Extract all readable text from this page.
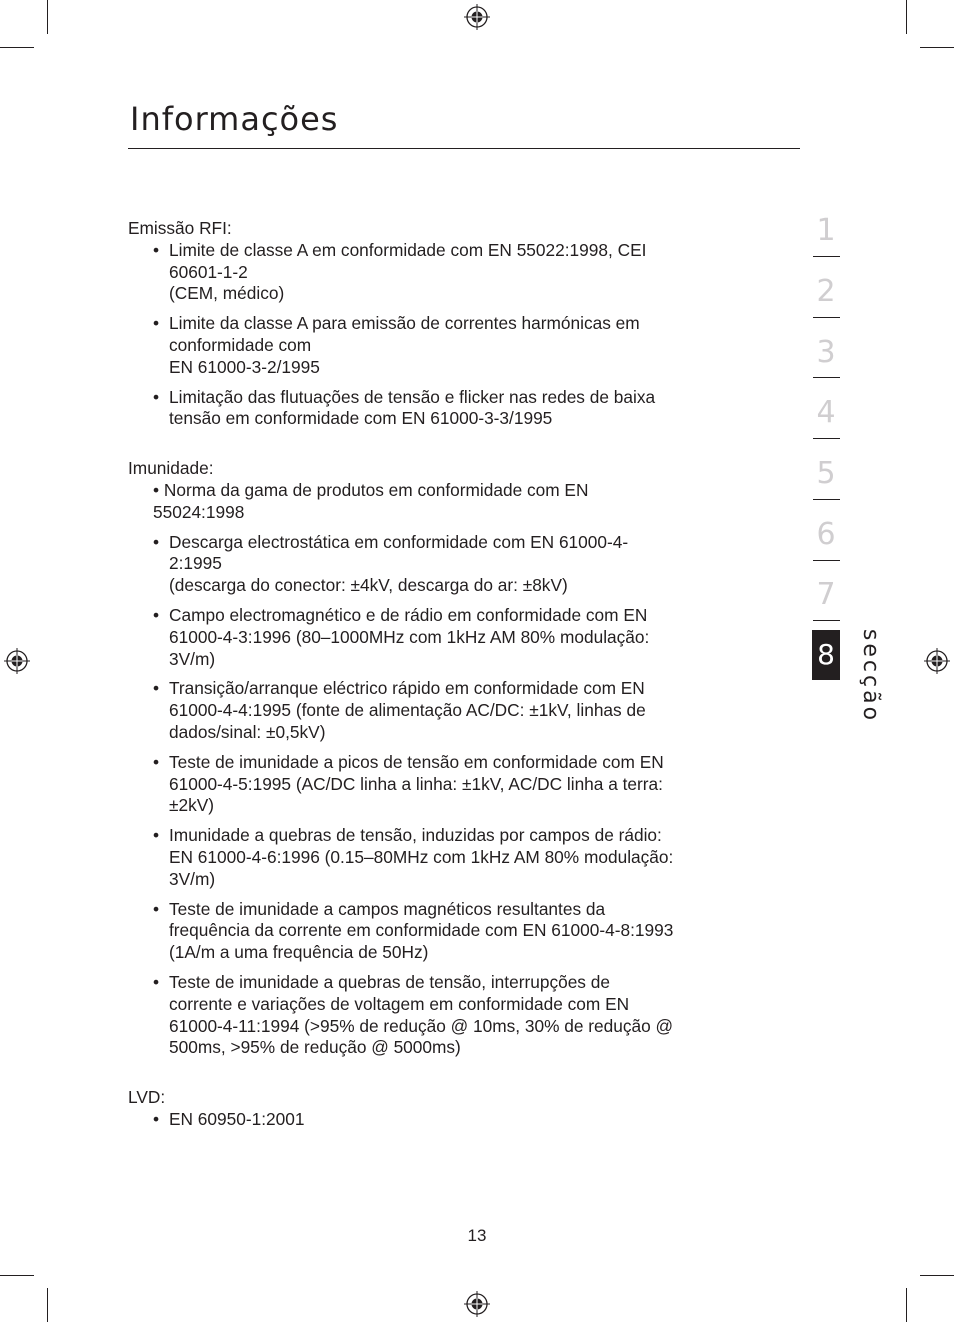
Informações

Emissão RFI:

• Limite de classe A em conformidade com EN 55022:1998, CEI
60601-1-2
(CEM, médico)
• Limite da classe A para emissão de correntes harmónicas em
conformidade com
EN 61000-3-2/1995
• Limitação das flutuações de tensão e flicker nas redes de baixa
tensão em conformidade com EN 61000-3-3/1995

Imunidade:

• Norma da gama de produtos em conformidade com EN
55024:1998
• Descarga electrostática em conformidade com EN 61000-4-
2:1995
(descarga do conector: ±4kV, descarga do ar: ±8kV)
• Campo electromagnético e de rádio em conformidade com EN
61000-4-3:1996 (80–1000MHz com 1kHz AM 80% modulação:
3V/m)
• Transição/arranque eléctrico rápido em conformidade com EN
61000-4-4:1995 (fonte de alimentação AC/DC: ±1kV, linhas de
dados/sinal: ±0,5kV)
• Teste de imunidade a picos de tensão em conformidade com EN
61000-4-5:1995 (AC/DC linha a linha: ±1kV, AC/DC linha a terra:
±2kV)
• Imunidade a quebras de tensão, induzidas por campos de rádio:
EN 61000-4-6:1996 (0.15–80MHz com 1kHz AM 80% modulação:
3V/m)
• Teste de imunidade a campos magnéticos resultantes da
frequência da corrente em conformidade com EN 61000-4-8:1993
(1A/m a uma frequência de 50Hz)
• Teste de imunidade a quebras de tensão, interrupções de
corrente e variações de voltagem em conformidade com EN
61000-4-11:1994 (>95% de redução @ 10ms, 30% de redução @
500ms, >95% de redução @ 5000ms)

LVD:

• EN 60950-1:2001
1
2
3
4
5
6
7
8 secção
13
